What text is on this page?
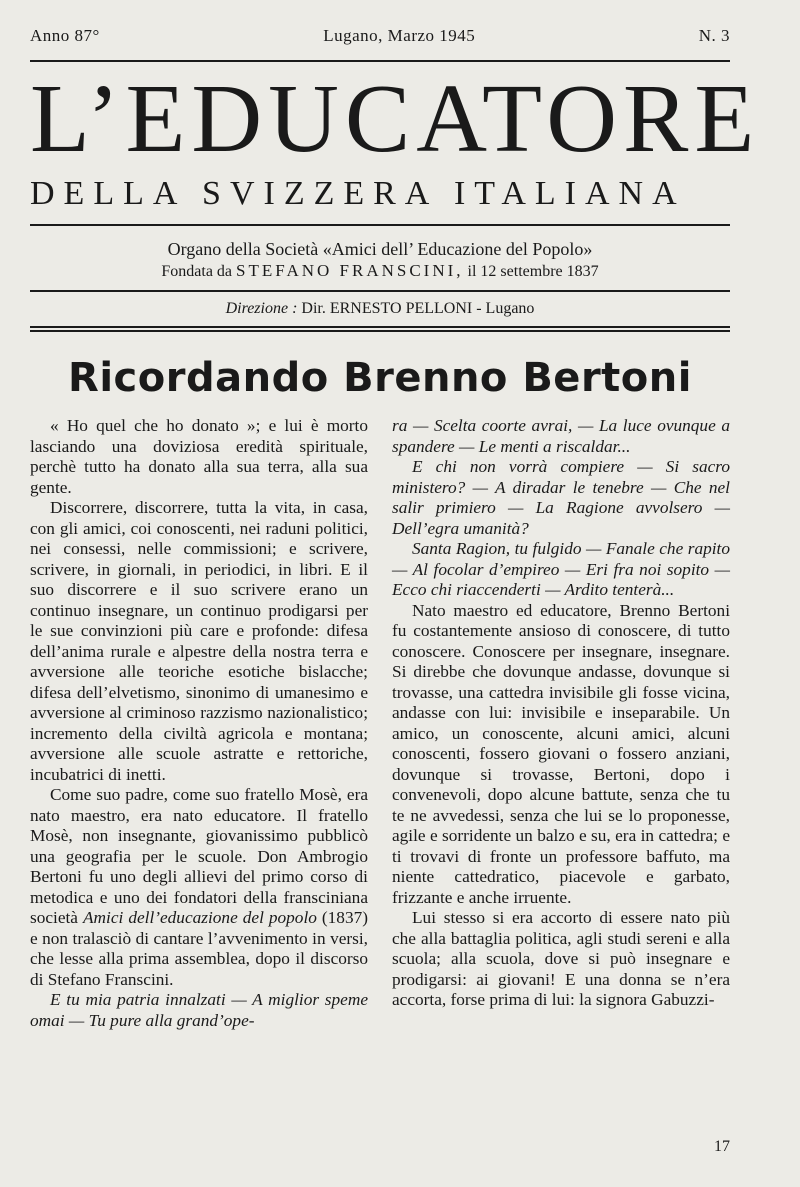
Anno 87°	Lugano, Marzo 1945	N. 3
L’EDUCATORE
DELLA SVIZZERA ITALIANA
Organo della Società «Amici dell’ Educazione del Popolo»
Fondata da STEFANO FRANSCINI, il 12 settembre 1837
Direzione : Dir. ERNESTO PELLONI - Lugano
Ricordando Brenno Bertoni

« Ho quel che ho donato »; e lui è morto lasciando una doviziosa eredità spirituale, perchè tutto ha donato alla sua terra, alla sua gente.

Discorrere, discorrere, tutta la vita, in casa, con gli amici, coi conoscenti, nei raduni politici, nei consessi, nelle commissioni; e scrivere, scrivere, in giornali, in periodici, in libri. E il suo discorrere e il suo scrivere erano un continuo insegnare, un continuo prodigarsi per le sue convinzioni più care e profonde: difesa dell’anima rurale e alpestre della nostra terra e avversione alle teoriche esotiche bislacche; difesa dell’elvetismo, sinonimo di umanesimo e avversione al criminoso razzismo nazionalistico; incremento della civiltà agricola e montana; avversione alle scuole astratte e rettoriche, incubatrici di inetti.

Come suo padre, come suo fratello Mosè, era nato maestro, era nato educatore. Il fratello Mosè, non insegnante, giovanissimo pubblicò una geografia per le scuole. Don Ambrogio Bertoni fu uno degli allievi del primo corso di metodica e uno dei fondatori della fransciniana società Amici dell’educazione del popolo (1837) e non tralasciò di cantare l’avvenimento in versi, che lesse alla prima assemblea, dopo il discorso di Stefano Franscini.

E tu mia patria innalzati — A miglior speme omai — Tu pure alla grand’ope-

ra — Scelta coorte avrai, — La luce ovunque a spandere — Le menti a riscaldar...

E chi non vorrà compiere — Si sacro ministero? — A diradar le tenebre — Che nel salir primiero — La Ragione avvolsero — Dell’egra umanità?

Santa Ragion, tu fulgido — Fanale che rapito — Al focolar d’empireo — Eri fra noi sopito — Ecco chi riaccenderti — Ardito tenterà...

Nato maestro ed educatore, Brenno Bertoni fu costantemente ansioso di conoscere, di tutto conoscere. Conoscere per insegnare, insegnare. Si direbbe che dovunque andasse, dovunque si trovasse, una cattedra invisibile gli fosse vicina, andasse con lui: invisibile e inseparabile. Un amico, un conoscente, alcuni amici, alcuni conoscenti, fossero giovani o fossero anziani, dovunque si trovasse, Bertoni, dopo i convenevoli, dopo alcune battute, senza che tu te ne avvedessi, senza che lui se lo proponesse, agile e sorridente un balzo e su, era in cattedra; e ti trovavi di fronte un professore baffuto, ma niente cattedratico, piacevole e garbato, frizzante e anche irruente.

Lui stesso si era accorto di essere nato più che alla battaglia politica, agli studi sereni e alla scuola; alla scuola, dove si può insegnare e prodigarsi: ai giovani! E una donna se n’era accorta, forse prima di lui: la signora Gabuzzi-

17
